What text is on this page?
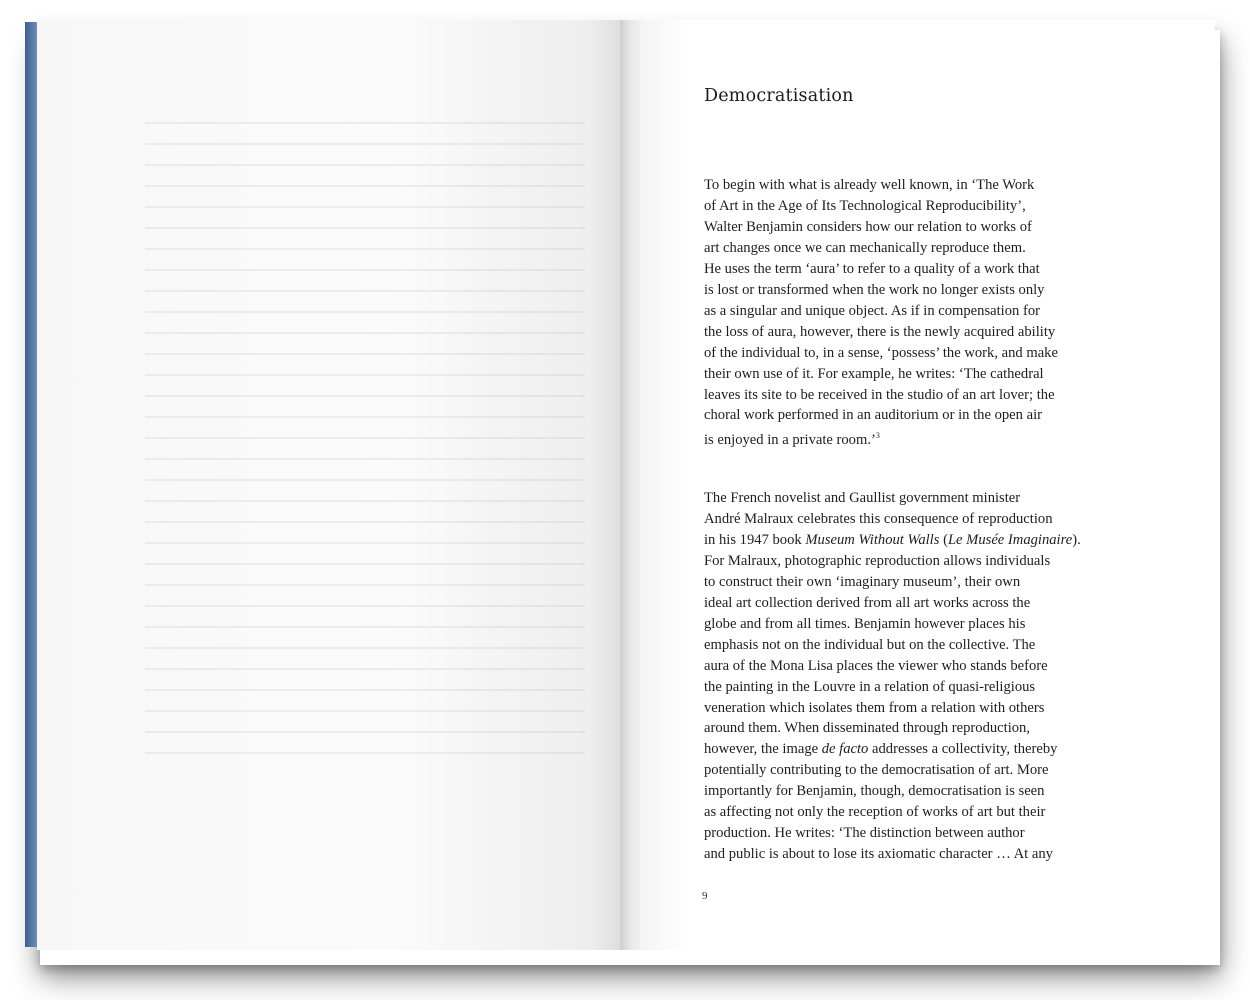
Democratisation
To begin with what is already well known, in ‘The Work
of Art in the Age of Its Technological Reproducibility’,
Walter Benjamin considers how our relation to works of
art changes once we can mechanically reproduce them.
He uses the term ‘aura’ to refer to a quality of a work that
is lost or transformed when the work no longer exists only
as a singular and unique object. As if in compensation for
the loss of aura, however, there is the newly acquired ability
of the individual to, in a sense, ‘possess’ the work, and make
their own use of it. For example, he writes: ‘The cathedral
leaves its site to be received in the studio of an art lover; the
choral work performed in an auditorium or in the open air
is enjoyed in a private room.’$^3$
The French novelist and Gaullist government minister
André Malraux celebrates this consequence of reproduction
in his 1947 book Museum Without Walls (Le Musée Imaginaire).
For Malraux, photographic reproduction allows individuals
to construct their own ‘imaginary museum’, their own
ideal art collection derived from all art works across the
globe and from all times. Benjamin however places his
emphasis not on the individual but on the collective. The
aura of the Mona Lisa places the viewer who stands before
the painting in the Louvre in a relation of quasi-religious
veneration which isolates them from a relation with others
around them. When disseminated through reproduction,
however, the image de facto addresses a collectivity, thereby
potentially contributing to the democratisation of art. More
importantly for Benjamin, though, democratisation is seen
as affecting not only the reception of works of art but their
production. He writes: ‘The distinction between author
and public is about to lose its axiomatic character … At any
9
